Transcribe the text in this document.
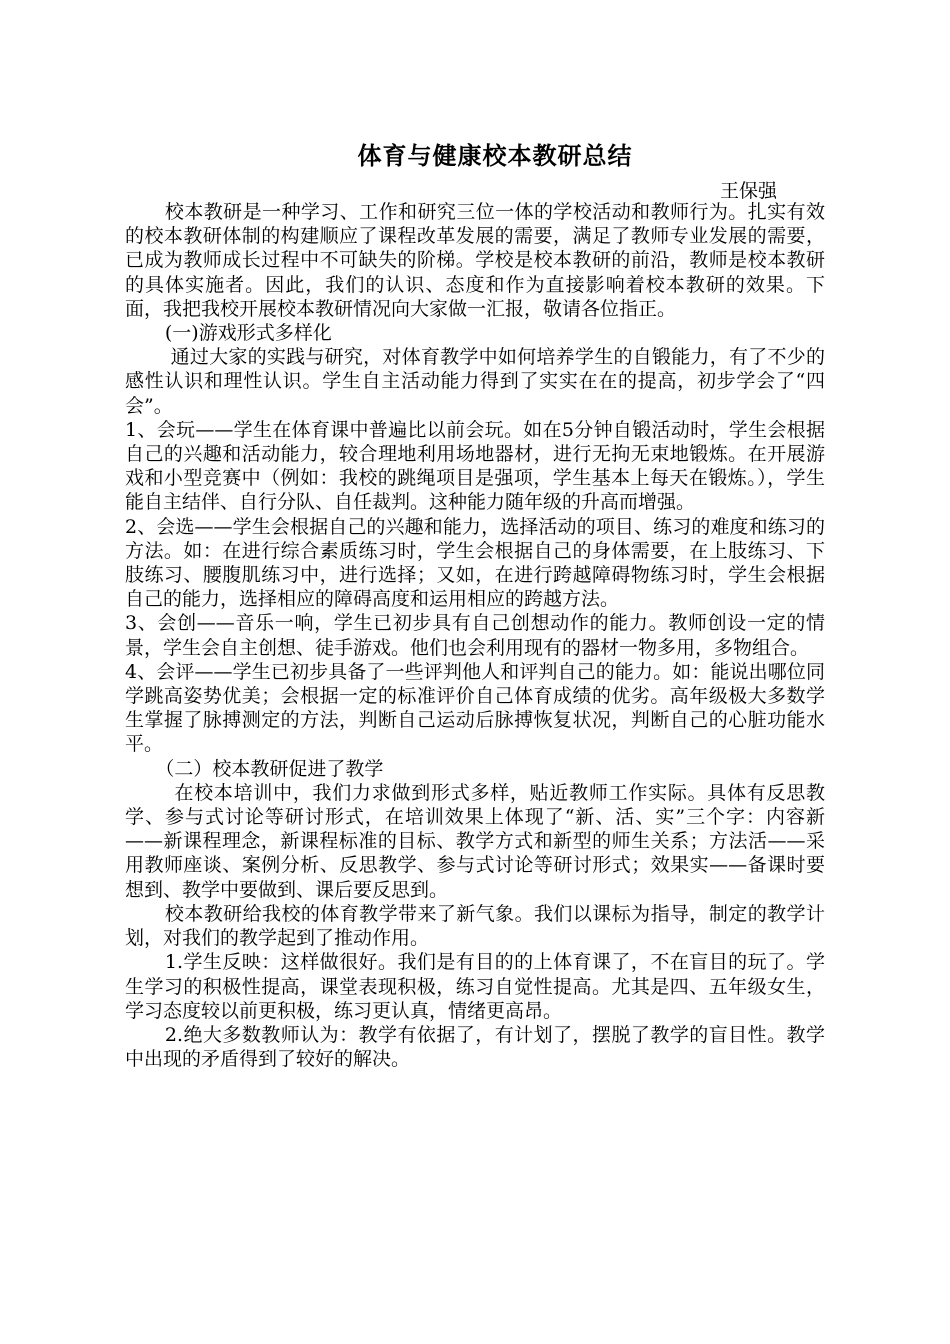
体育与健康校本教研总结
王保强

校本教研是一种学习、工作和研究三位一体的学校活动和教师行为。扎实有效的校本教研体制的构建顺应了课程改革发展的需要，满足了教师专业发展的需要，已成为教师成长过程中不可缺失的阶梯。学校是校本教研的前沿，教师是校本教研的具体实施者。因此，我们的认识、态度和作为直接影响着校本教研的效果。下面，我把我校开展校本教研情况向大家做一汇报，敬请各位指正。

(一)游戏形式多样化

通过大家的实践与研究，对体育教学中如何培养学生的自锻能力，有了不少的感性认识和理性认识。学生自主活动能力得到了实实在在的提高，初步学会了“四会”。

1、会玩——学生在体育课中普遍比以前会玩。如在5分钟自锻活动时，学生会根据自己的兴趣和活动能力，较合理地利用场地器材，进行无拘无束地锻炼。在开展游戏和小型竞赛中（例如：我校的跳绳项目是强项，学生基本上每天在锻炼。），学生能自主结伴、自行分队、自任裁判。这种能力随年级的升高而增强。

2、会选——学生会根据自己的兴趣和能力，选择活动的项目、练习的难度和练习的方法。如：在进行综合素质练习时，学生会根据自己的身体需要，在上肢练习、下肢练习、腰腹肌练习中，进行选择；又如，在进行跨越障碍物练习时，学生会根据自己的能力，选择相应的障碍高度和运用相应的跨越方法。

3、会创——音乐一响，学生已初步具有自己创想动作的能力。教师创设一定的情景，学生会自主创想、徒手游戏。他们也会利用现有的器材一物多用，多物组合。

4、会评——学生已初步具备了一些评判他人和评判自己的能力。如：能说出哪位同学跳高姿势优美；会根据一定的标准评价自己体育成绩的优劣。高年级极大多数学生掌握了脉搏测定的方法，判断自己运动后脉搏恢复状况，判断自己的心脏功能水平。

（二）校本教研促进了教学

在校本培训中，我们力求做到形式多样，贴近教师工作实际。具体有反思教学、参与式讨论等研讨形式，在培训效果上体现了“新、活、实”三个字：内容新——新课程理念，新课程标准的目标、教学方式和新型的师生关系；方法活——采用教师座谈、案例分析、反思教学、参与式讨论等研讨形式；效果实——备课时要想到、教学中要做到、课后要反思到。

校本教研给我校的体育教学带来了新气象。我们以课标为指导，制定的教学计划，对我们的教学起到了推动作用。

1.学生反映：这样做很好。我们是有目的的上体育课了，不在盲目的玩了。学生学习的积极性提高，课堂表现积极，练习自觉性提高。尤其是四、五年级女生，学习态度较以前更积极，练习更认真，情绪更高昂。

2.绝大多数教师认为：教学有依据了，有计划了，摆脱了教学的盲目性。教学中出现的矛盾得到了较好的解决。
